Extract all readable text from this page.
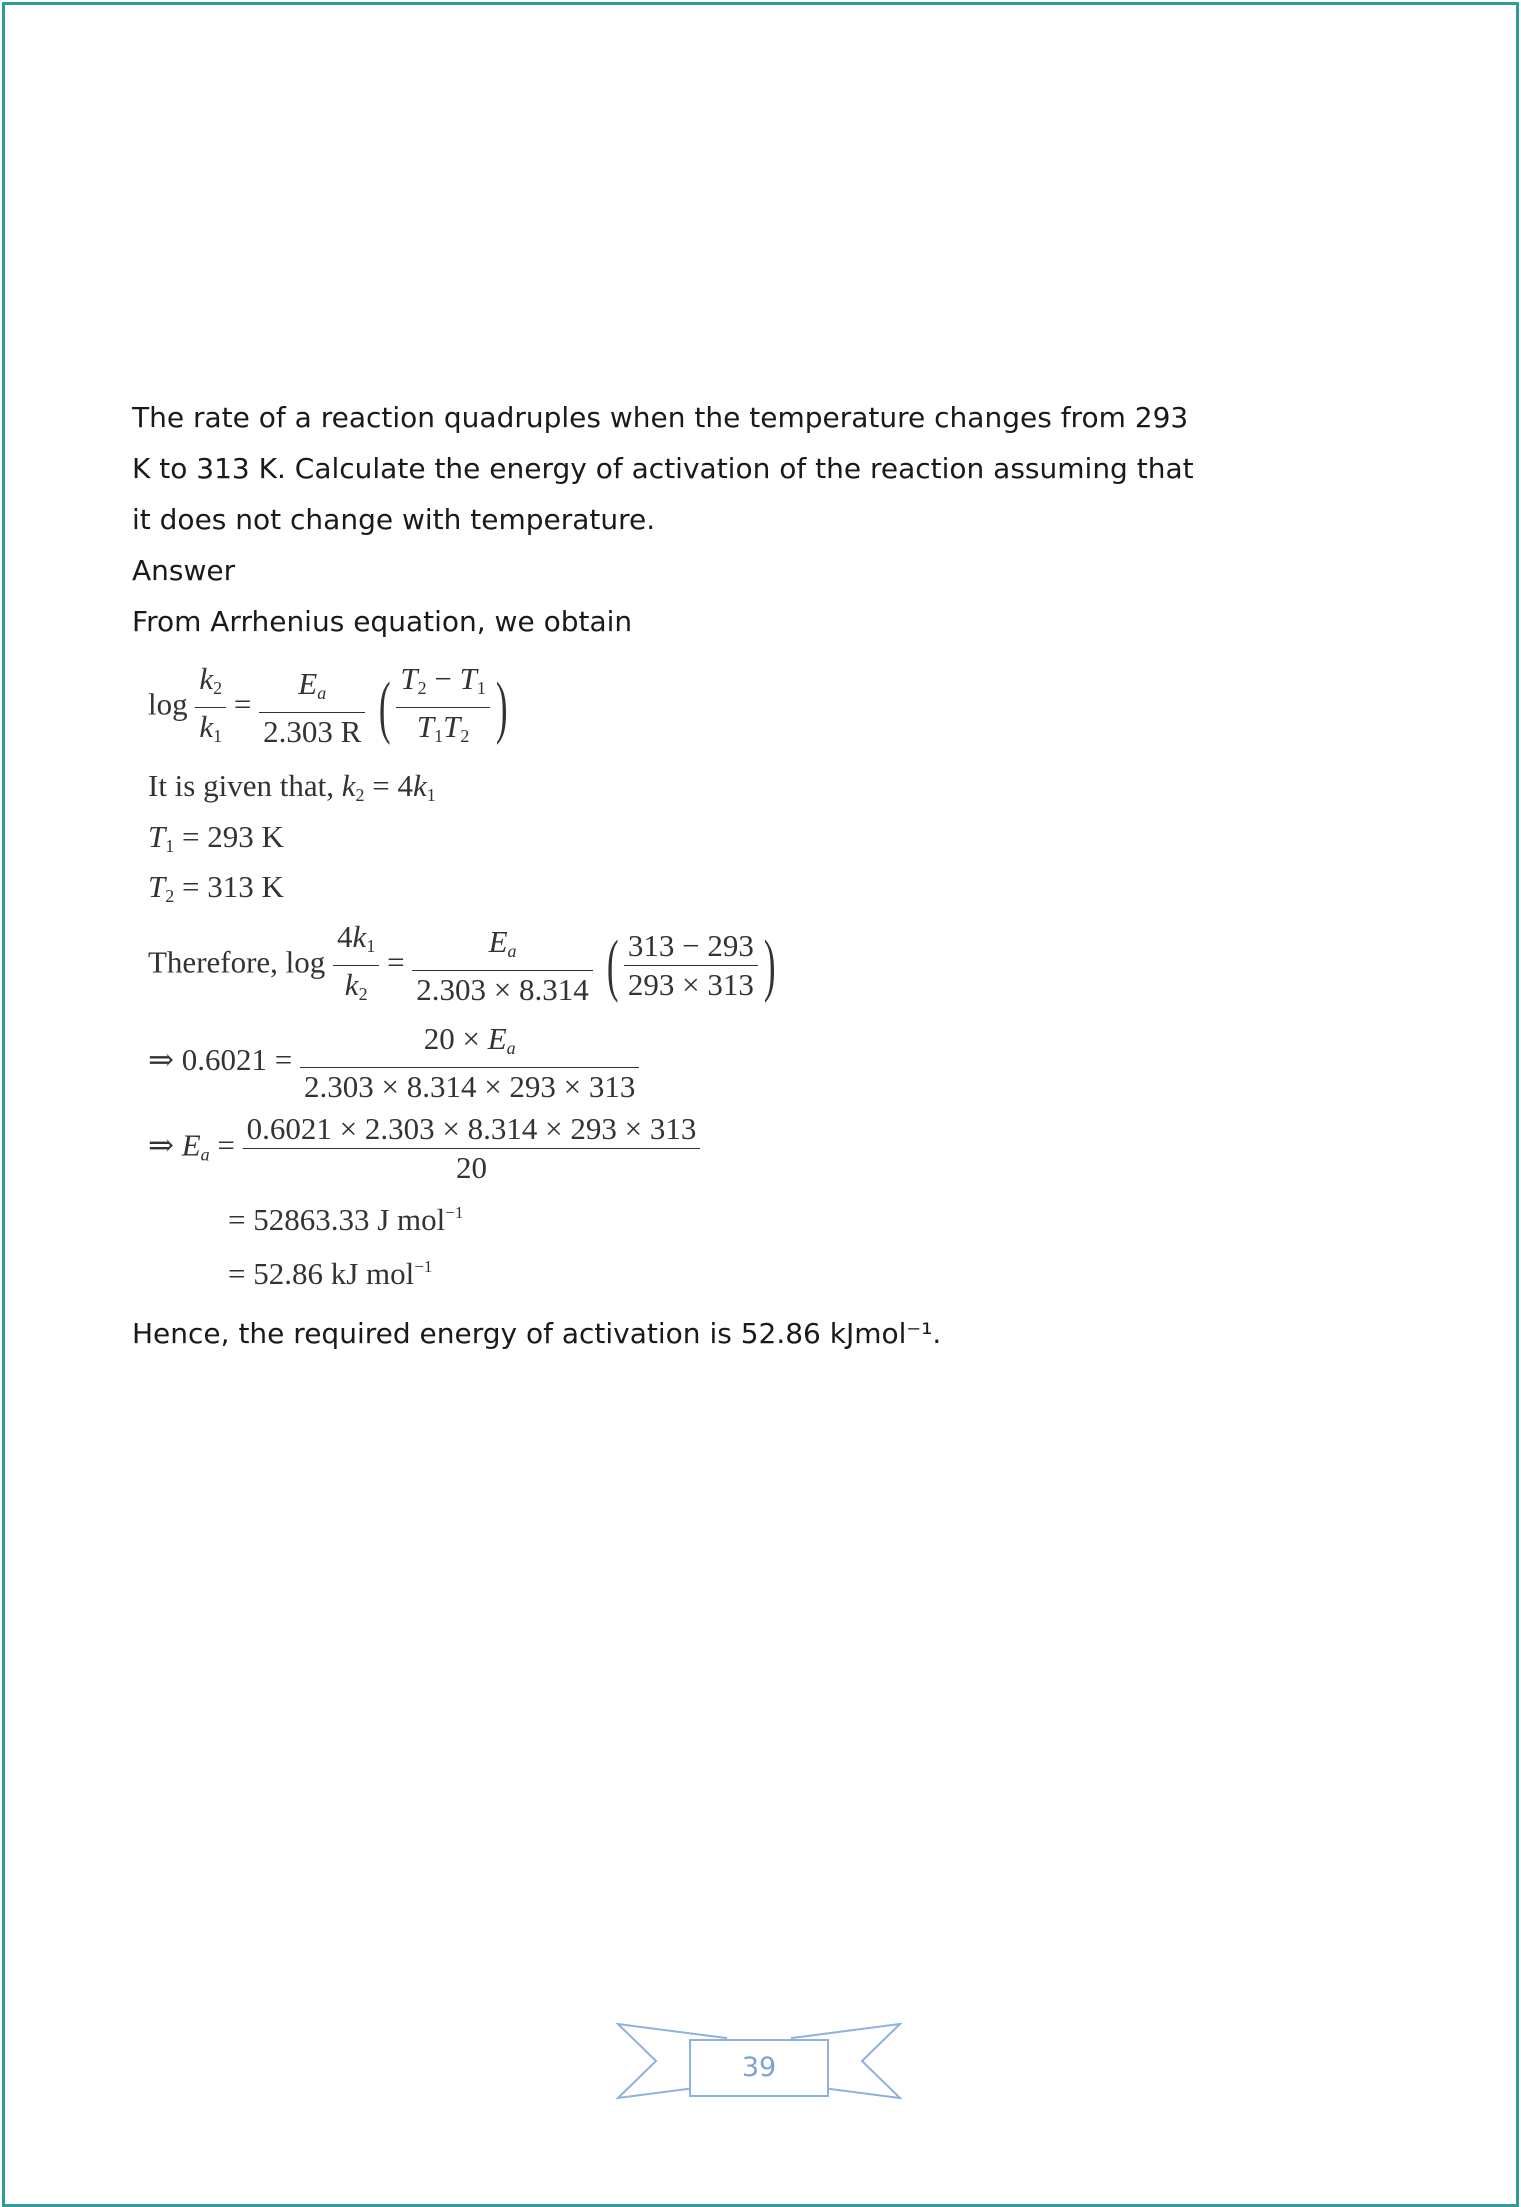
The rate of a reaction quadruples when the temperature changes from 293
K to 313 K. Calculate the energy of activation of the reaction assuming that
it does not change with temperature.
Answer
From Arrhenius equation, we obtain
$\log \frac{k_2}{k_1} = \frac{E_a}{2.303 R}$ ( $\frac{T_2 - T_1}{T_1T_2}$ )
It is given that, $k_2 = 4k_1$
$T_1 = 293$ K
$T_2 = 313$ K
Therefore, $\log \frac{4k_1}{k_2} = \frac{E_a}{2.303 \times 8.314}$ ( $\frac{313 - 293}{293 \times 313}$ )
⇒ $0.6021 = \frac{20 \times E_a}{2.303 \times 8.314 \times 293 \times 313}$
⇒ $E_a = \frac{0.6021 \times 2.303 \times 8.314 \times 293 \times 313}{20}$
= 52863.33 J mol$^{-1}$
= 52.86 kJ mol$^{-1}$
Hence, the required energy of activation is 52.86 kJmol⁻¹.
39
